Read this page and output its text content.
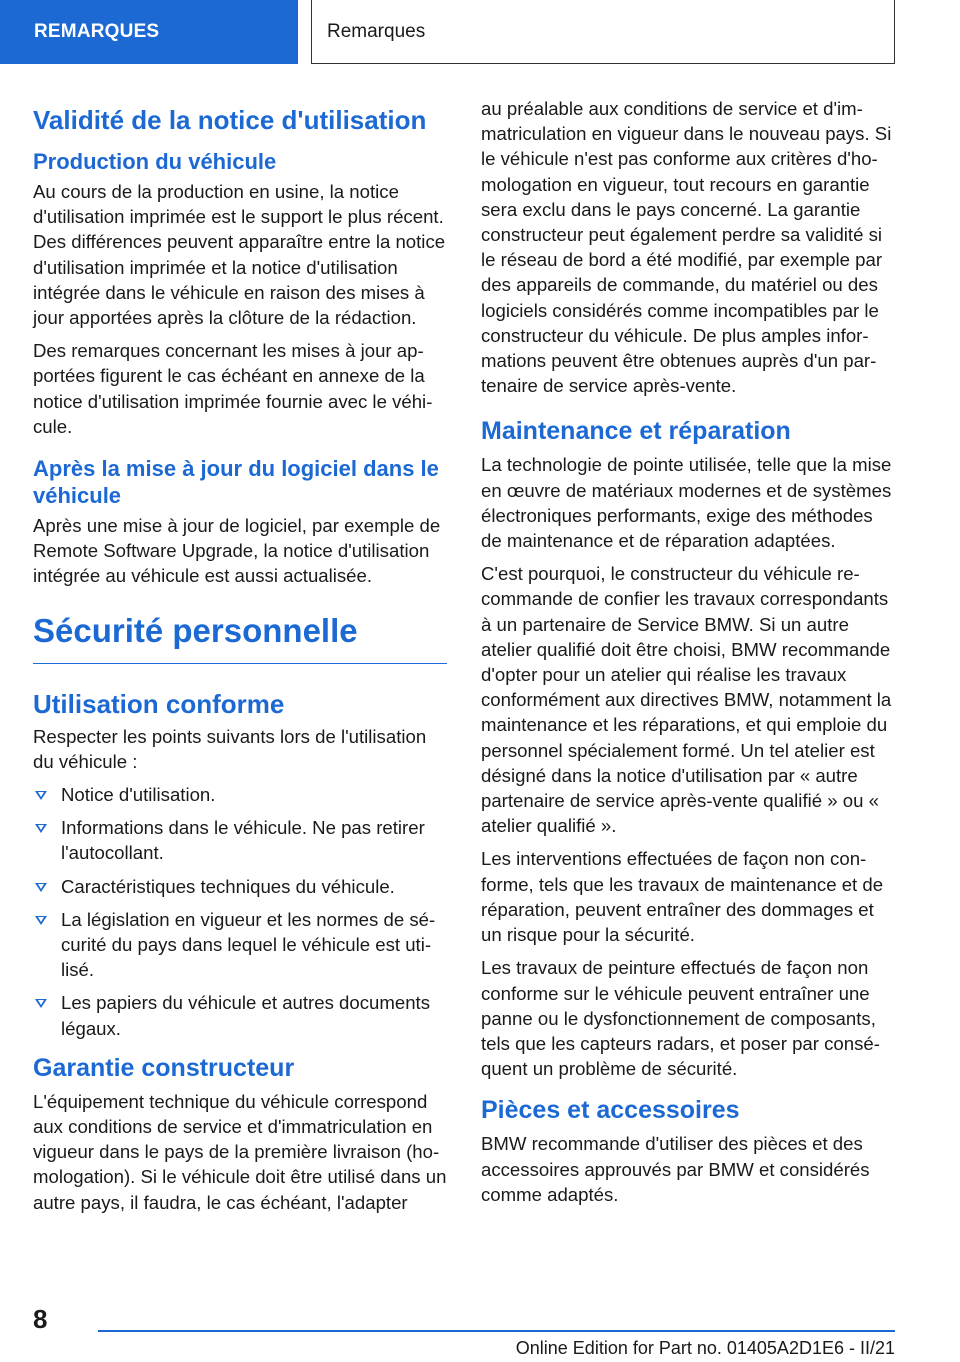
REMARQUES	Remarques
Validité de la notice d'utilisation
Production du véhicule

Au cours de la production en usine, la notice d'utilisation imprimée est le support le plus récent. Des différences peuvent apparaître entre la notice d'utilisation imprimée et la notice d'utilisation intégrée dans le véhicule en raison des mises à jour apportées après la clôture de la rédaction.

Des remarques concernant les mises à jour apportées figurent le cas échéant en annexe de la notice d'utilisation imprimée fournie avec le véhicule.

Après la mise à jour du logiciel dans le véhicule

Après une mise à jour de logiciel, par exemple de Remote Software Upgrade, la notice d'utilisation intégrée au véhicule est aussi actualisée.

Sécurité personnelle
Utilisation conforme

Respecter les points suivants lors de l'utilisation du véhicule :

Notice d'utilisation.
Informations dans le véhicule. Ne pas retirer l'autocollant.
Caractéristiques techniques du véhicule.
La législation en vigueur et les normes de sécurité du pays dans lequel le véhicule est utilisé.
Les papiers du véhicule et autres documents légaux.
Garantie constructeur

L'équipement technique du véhicule correspond aux conditions de service et d'immatriculation en vigueur dans le pays de la première livraison (homologation). Si le véhicule doit être utilisé dans un autre pays, il faudra, le cas échéant, l'adapter

au préalable aux conditions de service et d'immatriculation en vigueur dans le nouveau pays. Si le véhicule n'est pas conforme aux critères d'homologation en vigueur, tout recours en garantie sera exclu dans le pays concerné. La garantie constructeur peut également perdre sa validité si le réseau de bord a été modifié, par exemple par des appareils de commande, du matériel ou des logiciels considérés comme incompatibles par le constructeur du véhicule. De plus amples informations peuvent être obtenues auprès d'un partenaire de service après-vente.

Maintenance et réparation

La technologie de pointe utilisée, telle que la mise en œuvre de matériaux modernes et de systèmes électroniques performants, exige des méthodes de maintenance et de réparation adaptées.

C'est pourquoi, le constructeur du véhicule recommande de confier les travaux correspondants à un partenaire de Service BMW. Si un autre atelier qualifié doit être choisi, BMW recommande d'opter pour un atelier qui réalise les travaux conformément aux directives BMW, notamment la maintenance et les réparations, et qui emploie du personnel spécialement formé. Un tel atelier est désigné dans la notice d'utilisation par « autre partenaire de service après-vente qualifié » ou « atelier qualifié ».

Les interventions effectuées de façon non conforme, tels que les travaux de maintenance et de réparation, peuvent entraîner des dommages et un risque pour la sécurité.

Les travaux de peinture effectués de façon non conforme sur le véhicule peuvent entraîner une panne ou le dysfonctionnement de composants, tels que les capteurs radars, et poser par conséquent un problème de sécurité.

Pièces et accessoires

BMW recommande d'utiliser des pièces et des accessoires approuvés par BMW et considérés comme adaptés.

8
Online Edition for Part no. 01405A2D1E6 - II/21
